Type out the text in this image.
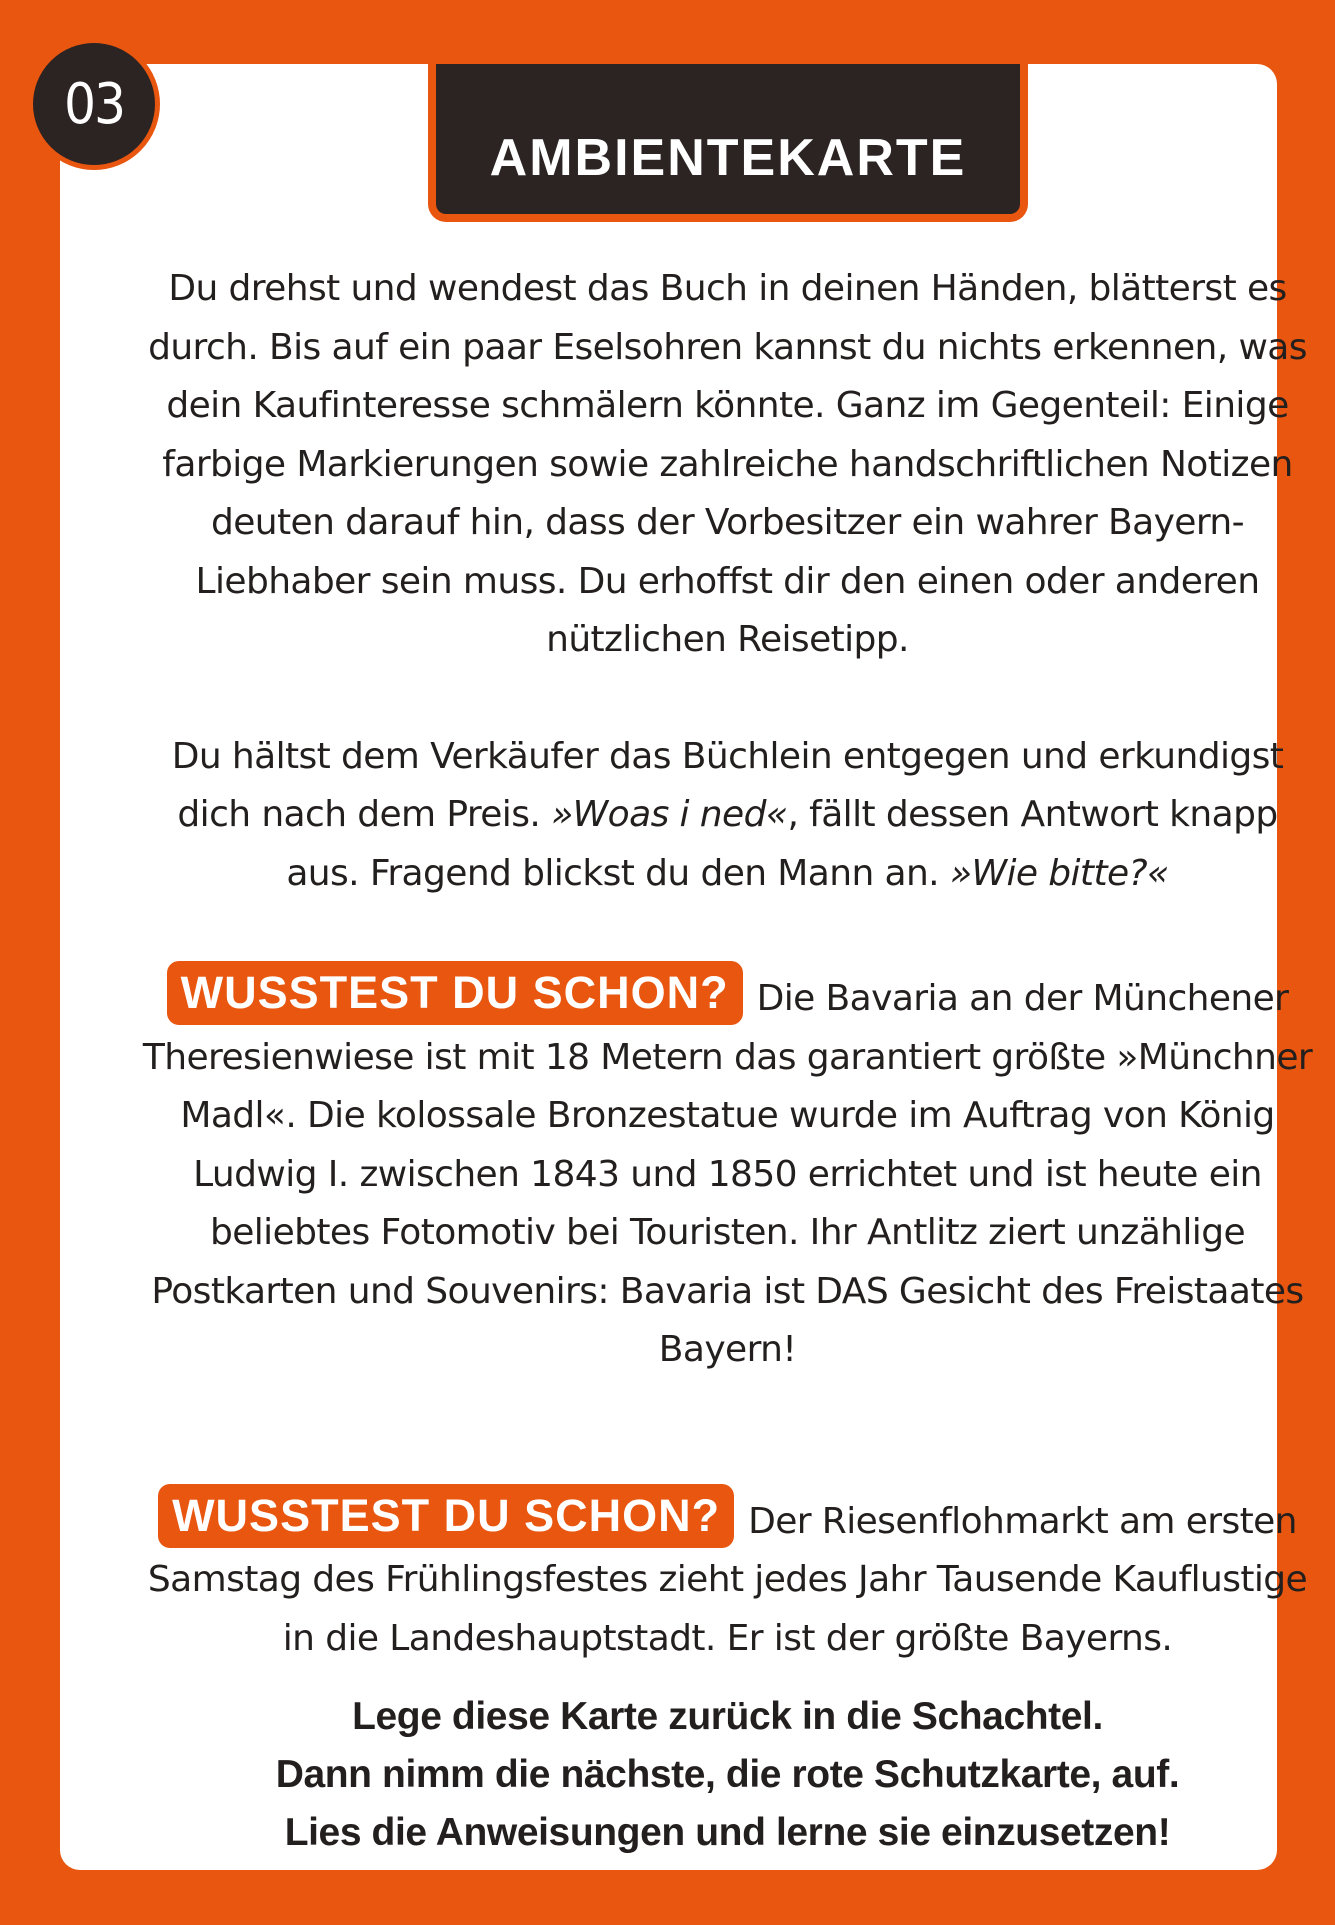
AMBIENTEKARTE

Du drehst und wendest das Buch in deinen Händen, blätterst es durch. Bis auf ein paar Eselsohren kannst du nichts erkennen, was dein Kaufinteresse schmälern könnte. Ganz im Gegenteil: Einige farbige Markierungen sowie zahlreiche handschriftlichen Notizen deuten darauf hin, dass der Vorbesitzer ein wahrer Bayern-Liebhaber sein muss. Du erhoffst dir den einen oder anderen nützlichen Reisetipp.

Du hältst dem Verkäufer das Büchlein entgegen und erkundigst dich nach dem Preis. »Woas i ned«, fällt dessen Antwort knapp aus. Fragend blickst du den Mann an. »Wie bitte?«

WUSSTEST DU SCHON? Die Bavaria an der Münchener Theresienwiese ist mit 18 Metern das garantiert größte »Münchner Madl«. Die kolossale Bronzestatue wurde im Auftrag von König Ludwig I. zwischen 1843 und 1850 errichtet und ist heute ein beliebtes Fotomotiv bei Touristen. Ihr Antlitz ziert unzählige Postkarten und Souvenirs: Bavaria ist DAS Gesicht des Freistaates Bayern!

WUSSTEST DU SCHON? Der Riesenflohmarkt am ersten Samstag des Frühlingsfestes zieht jedes Jahr Tausende Kauflustige in die Landeshauptstadt. Er ist der größte Bayerns.

Lege diese Karte zurück in die Schachtel.
Dann nimm die nächste, die rote Schutzkarte, auf.
Lies die Anweisungen und lerne sie einzusetzen!
03
